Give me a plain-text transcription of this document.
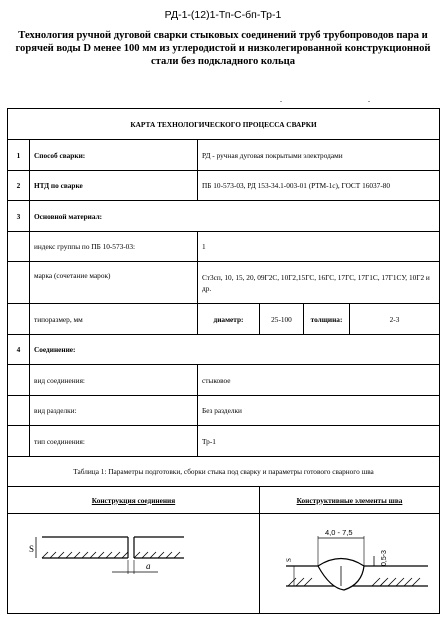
РД-1-(12)1-Тп-С-бп-Тр-1
Технология ручной дуговой сварки стыковых соединений труб трубопроводов пара и горячей воды D менее 100 мм из углеродистой и низколегированной конструкционной стали без подкладного кольца
.	.
КАРТА ТЕХНОЛОГИЧЕСКОГО ПРОЦЕССА СВАРКИ					
1	Способ сварки:	РД - ручная дуговая покрытыми электродами			
2	НТД по сварке	ПБ 10-573-03, РД 153-34.1-003-01 (РТМ-1с), ГОСТ 16037-80			
3	Основной материал:				
	индекс группы по ПБ 10-573-03:	1			
	марка (сочетание марок)	Ст3сп, 10, 15, 20, 09Г2С, 10Г2,15ГС, 16ГС, 17ГС, 17Г1С, 17Г1СУ, 10Г2 и др.			
	типоразмер, мм	диаметр:	25-100	толщина:	2-3
4	Соединение:				
	вид соединения:	стыковое			
	вид разделки:	Без разделки			
	тип соединения:	Тр-1			
Таблица 1: Параметры подготовки, сборки стыка под сварку и параметры готового сварного шва					
Конструкция соединения			Конструктивные элементы шва		

S
a
4,0 - 7,5
0,5-3
S
